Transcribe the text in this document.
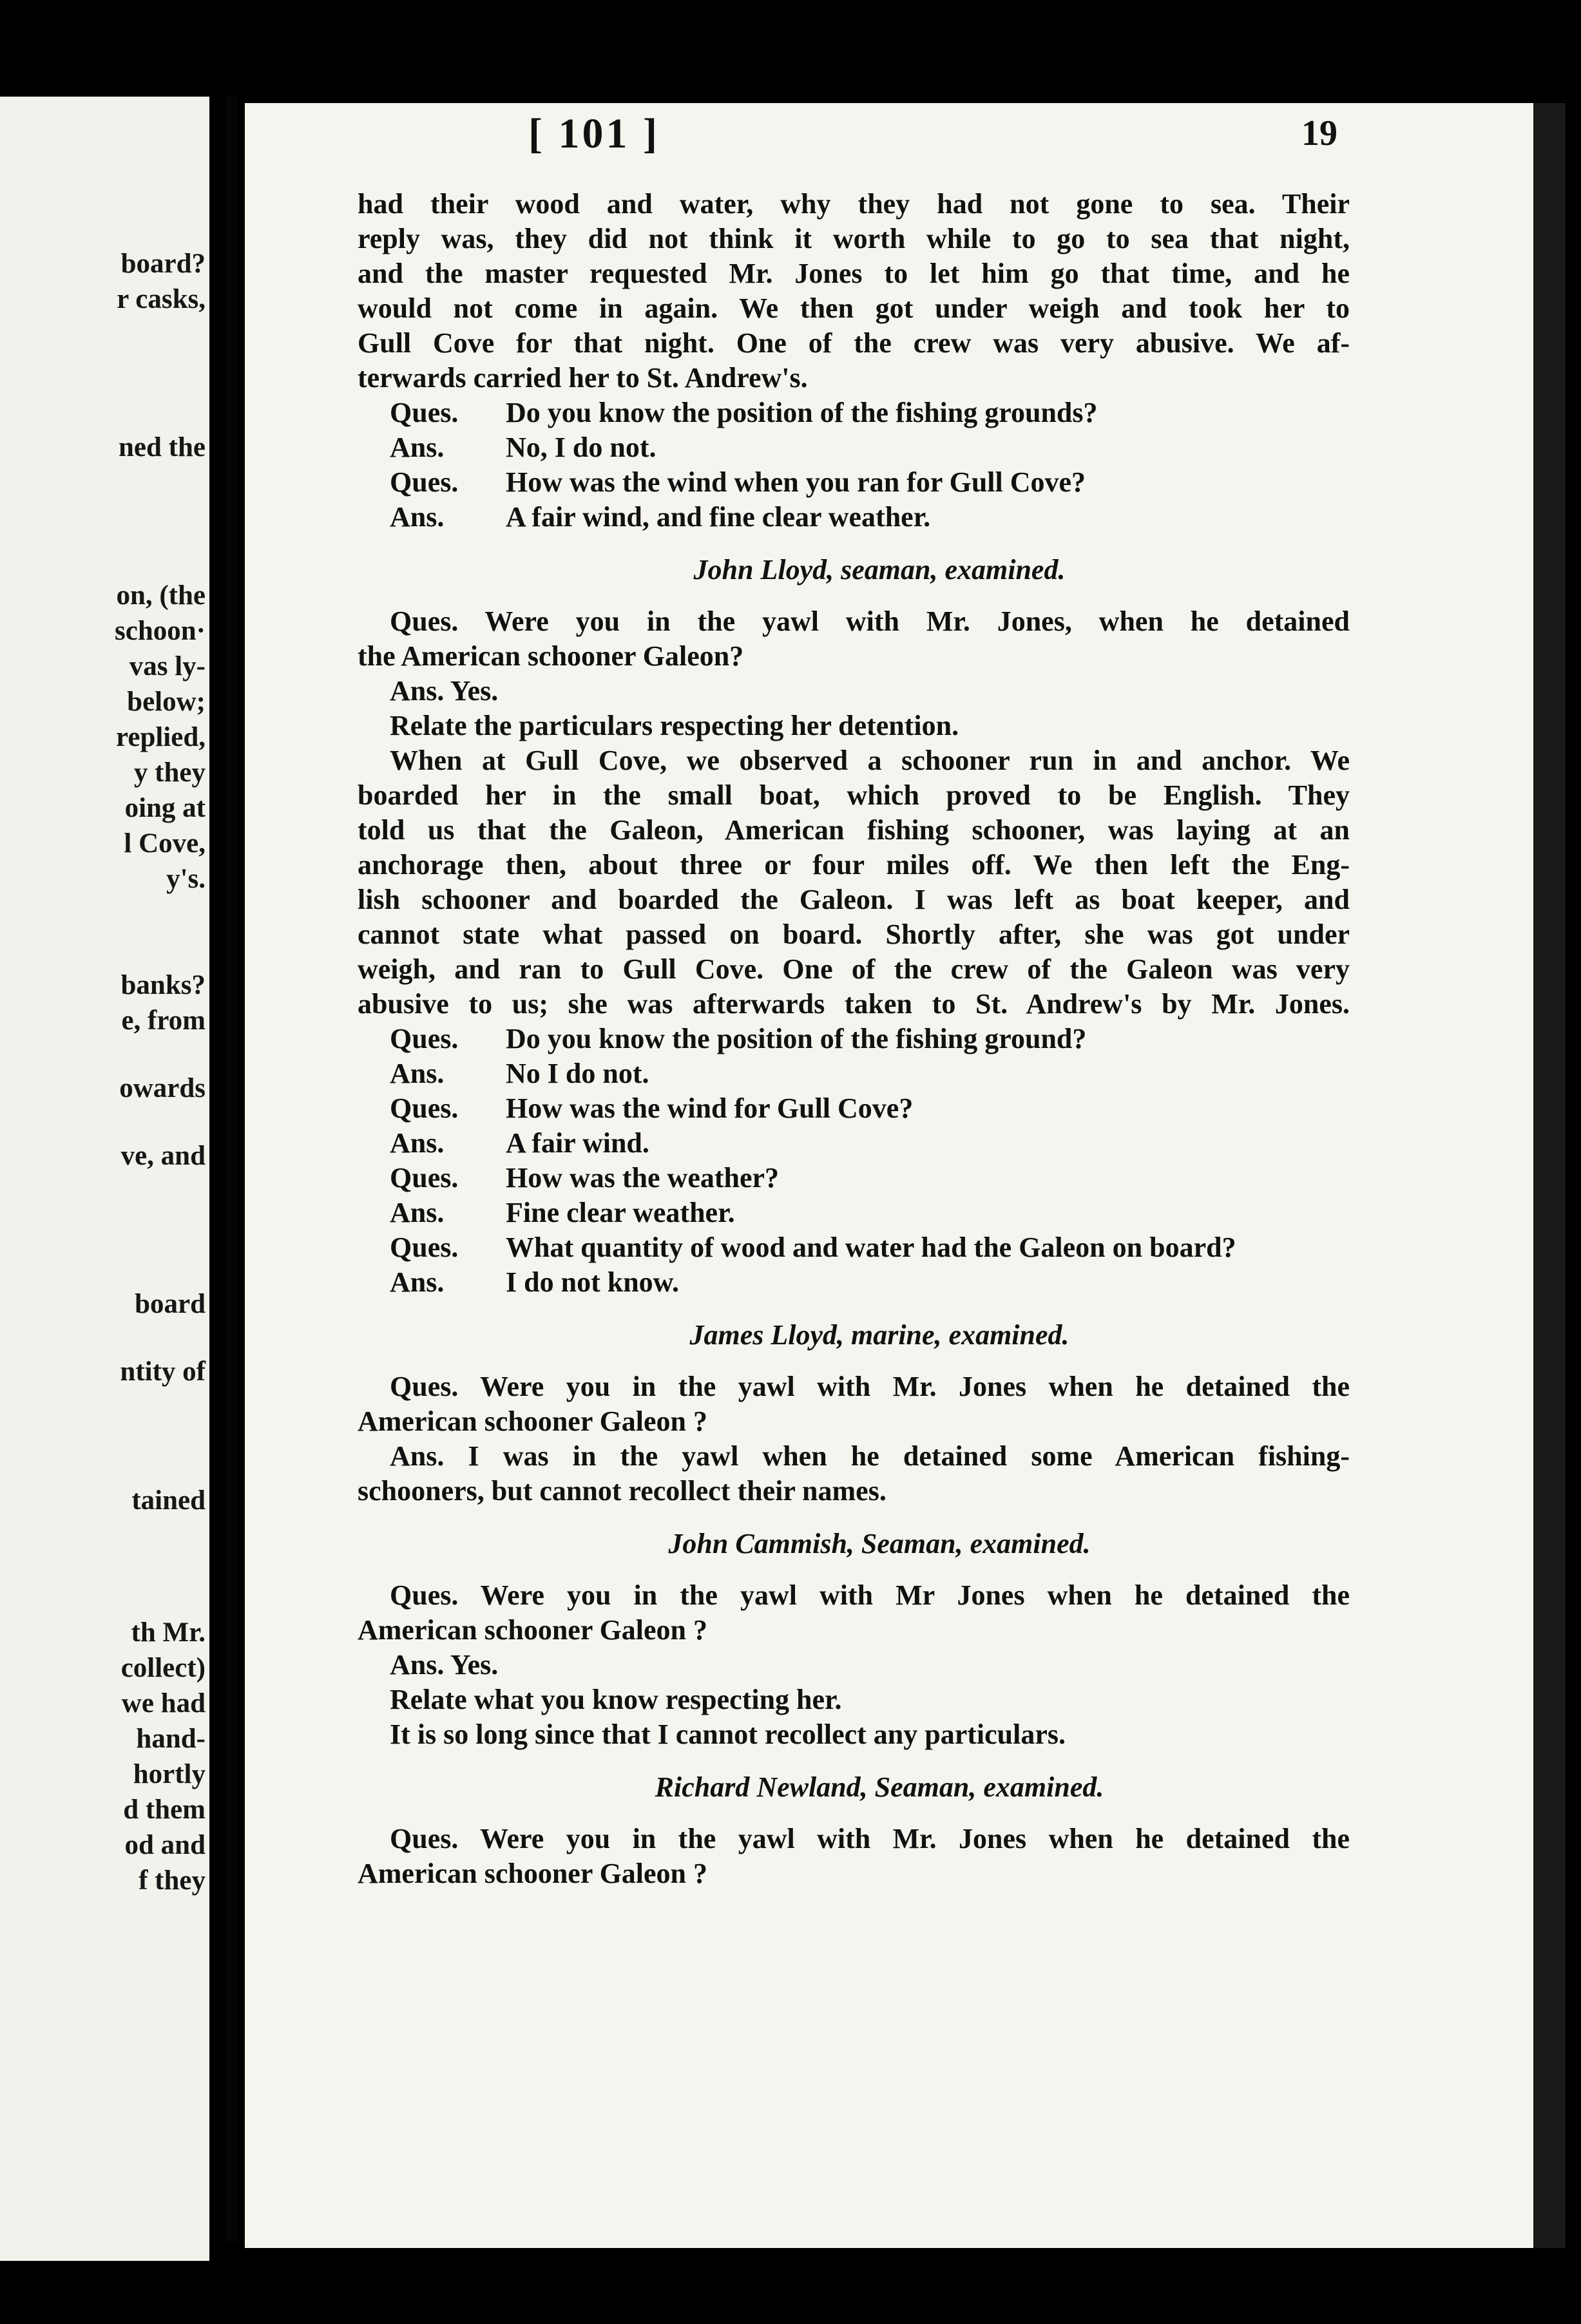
board?
r casks,
ned the
on, (the
schoon·
vas ly-
below;
replied,
y they
oing at
l Cove,
y's.
banks?
e, from
owards
ve, and
board
ntity of
tained
th Mr.
collect)
we had
hand-
hortly
d them
od and
f they
[ 101 ]	19
had their wood and water, why they had not gone to sea. Their
reply was, they did not think it worth while to go to sea that night,
and the master requested Mr. Jones to let him go that time, and he
would not come in again. We then got under weigh and took her to
Gull Cove for that night. One of the crew was very abusive. We af-
terwards carried her to St. Andrew's.
Ques.	Do you know the position of the fishing grounds?
Ans.	No, I do not.
Ques.	How was the wind when you ran for Gull Cove?
Ans.	A fair wind, and fine clear weather.
John Lloyd, seaman, examined.
Ques. Were you in the yawl with Mr. Jones, when he detained
the American schooner Galeon?
Ans. Yes.
Relate the particulars respecting her detention.
When at Gull Cove, we observed a schooner run in and anchor. We
boarded her in the small boat, which proved to be English. They
told us that the Galeon, American fishing schooner, was laying at an
anchorage then, about three or four miles off. We then left the Eng-
lish schooner and boarded the Galeon. I was left as boat keeper, and
cannot state what passed on board. Shortly after, she was got under
weigh, and ran to Gull Cove. One of the crew of the Galeon was very
abusive to us; she was afterwards taken to St. Andrew's by Mr. Jones.
Ques.	Do you know the position of the fishing ground?
Ans.	No I do not.
Ques.	How was the wind for Gull Cove?
Ans.	A fair wind.
Ques.	How was the weather?
Ans.	Fine clear weather.
Ques.	What quantity of wood and water had the Galeon on board?
Ans.	I do not know.
James Lloyd, marine, examined.
Ques. Were you in the yawl with Mr. Jones when he detained the
American schooner Galeon ?
Ans. I was in the yawl when he detained some American fishing-
schooners, but cannot recollect their names.
John Cammish, Seaman, examined.
Ques. Were you in the yawl with Mr Jones when he detained the
American schooner Galeon ?
Ans. Yes.
Relate what you know respecting her.
It is so long since that I cannot recollect any particulars.
Richard Newland, Seaman, examined.
Ques. Were you in the yawl with Mr. Jones when he detained the
American schooner Galeon ?
